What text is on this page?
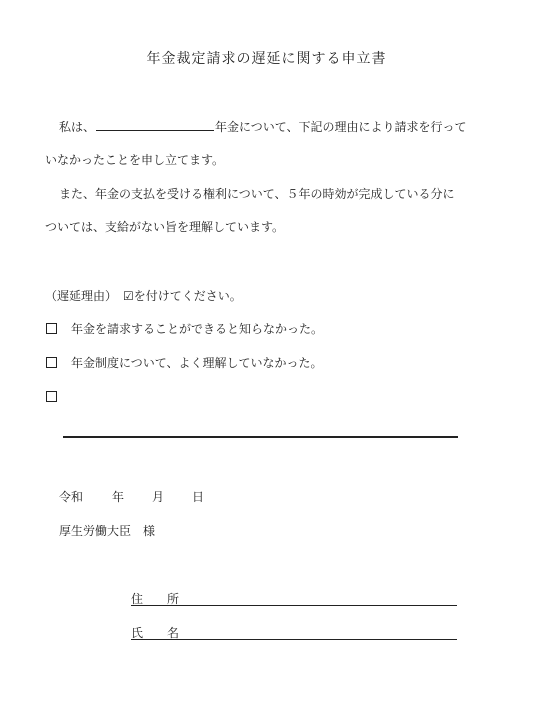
年金裁定請求の遅延に関する申立書
私は、	年金について、下記の理由により請求を行って
いなかったことを申し立てます。
また、年金の支払を受ける権利について、５年の時効が完成している分に
ついては、支給がない旨を理解しています。
（遅延理由）　☑を付けてください。
年金を請求することができると知らなかった。
年金制度について、よく理解していなかった。
令和 年 月 日
厚生労働大臣　様
住　　所
氏　　名
